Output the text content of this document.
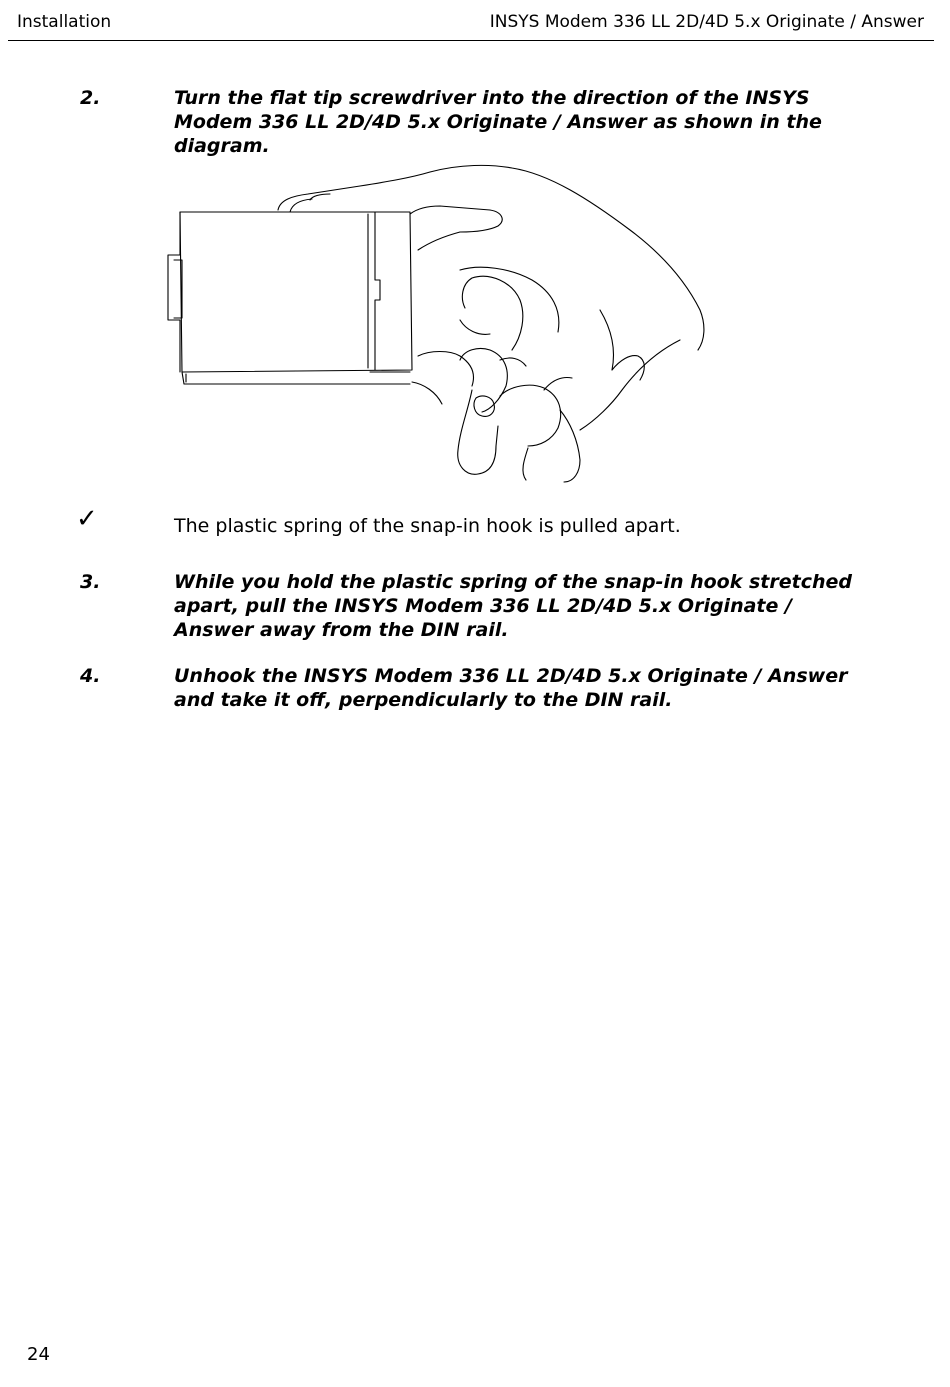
Installation	INSYS Modem 336 LL 2D/4D 5.x Originate / Answer
2.	Turn the flat tip screwdriver into the direction of the INSYS Modem 336 LL 2D/4D 5.x Originate / Answer as shown in the diagram.
✓	The plastic spring of the snap-in hook is pulled apart.
3.	While you hold the plastic spring of the snap-in hook stretched apart, pull the INSYS Modem 336 LL 2D/4D 5.x Originate / Answer away from the DIN rail.
4.	Unhook the INSYS Modem 336 LL 2D/4D 5.x Originate / Answer and take it off, perpendicularly to the DIN rail.
24
